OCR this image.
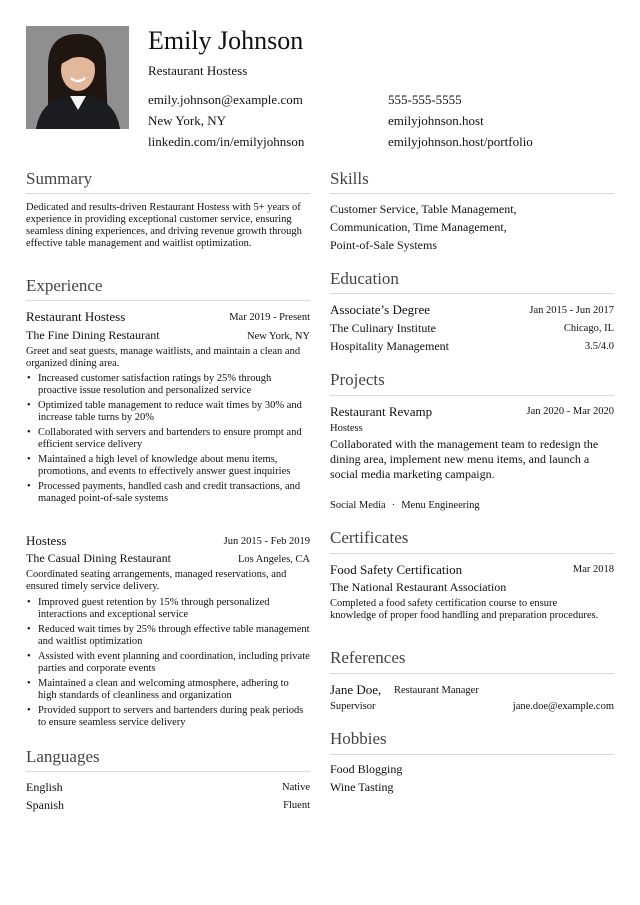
Emily Johnson
Restaurant Hostess
emily.johnson@example.com	555-555-5555
New York, NY	emilyjohnson.host
linkedin.com/in/emilyjohnson	emilyjohnson.host/portfolio
Summary
Dedicated and results-driven Restaurant Hostess with 5+ years of experience in providing exceptional customer service, ensuring seamless dining experiences, and driving revenue growth through effective table management and waitlist optimization.
Experience
Restaurant Hostess	Mar 2019 - Present
The Fine Dining Restaurant	New York, NY
Greet and seat guests, manage waitlists, and maintain a clean and organized dining area.
• Increased customer satisfaction ratings by 25% through proactive issue resolution and personalized service
• Optimized table management to reduce wait times by 30% and increase table turns by 20%
• Collaborated with servers and bartenders to ensure prompt and efficient service delivery
• Maintained a high level of knowledge about menu items, promotions, and events to effectively answer guest inquiries
• Processed payments, handled cash and credit transactions, and managed point-of-sale systems
Hostess	Jun 2015 - Feb 2019
The Casual Dining Restaurant	Los Angeles, CA
Coordinated seating arrangements, managed reservations, and ensured timely service delivery.
• Improved guest retention by 15% through personalized interactions and exceptional service
• Reduced wait times by 25% through effective table management and waitlist optimization
• Assisted with event planning and coordination, including private parties and corporate events
• Maintained a clean and welcoming atmosphere, adhering to high standards of cleanliness and organization
• Provided support to servers and bartenders during peak periods to ensure seamless service delivery
Languages
English	Native
Spanish	Fluent
Skills
Customer Service, Table Management,
Communication, Time Management,
Point-of-Sale Systems
Education
Associate’s Degree	Jan 2015 - Jun 2017
The Culinary Institute	Chicago, IL
Hospitality Management	3.5/4.0
Projects
Restaurant Revamp	Jan 2020 - Mar 2020
Hostess
Collaborated with the management team to redesign the dining area, implement new menu items, and launch a social media marketing campaign.
Social Media · Menu Engineering
Certificates
Food Safety Certification	Mar 2018
The National Restaurant Association
Completed a food safety certification course to ensure knowledge of proper food handling and preparation procedures.
References
Jane Doe, Restaurant Manager
Supervisor	jane.doe@example.com
Hobbies
Food Blogging
Wine Tasting
